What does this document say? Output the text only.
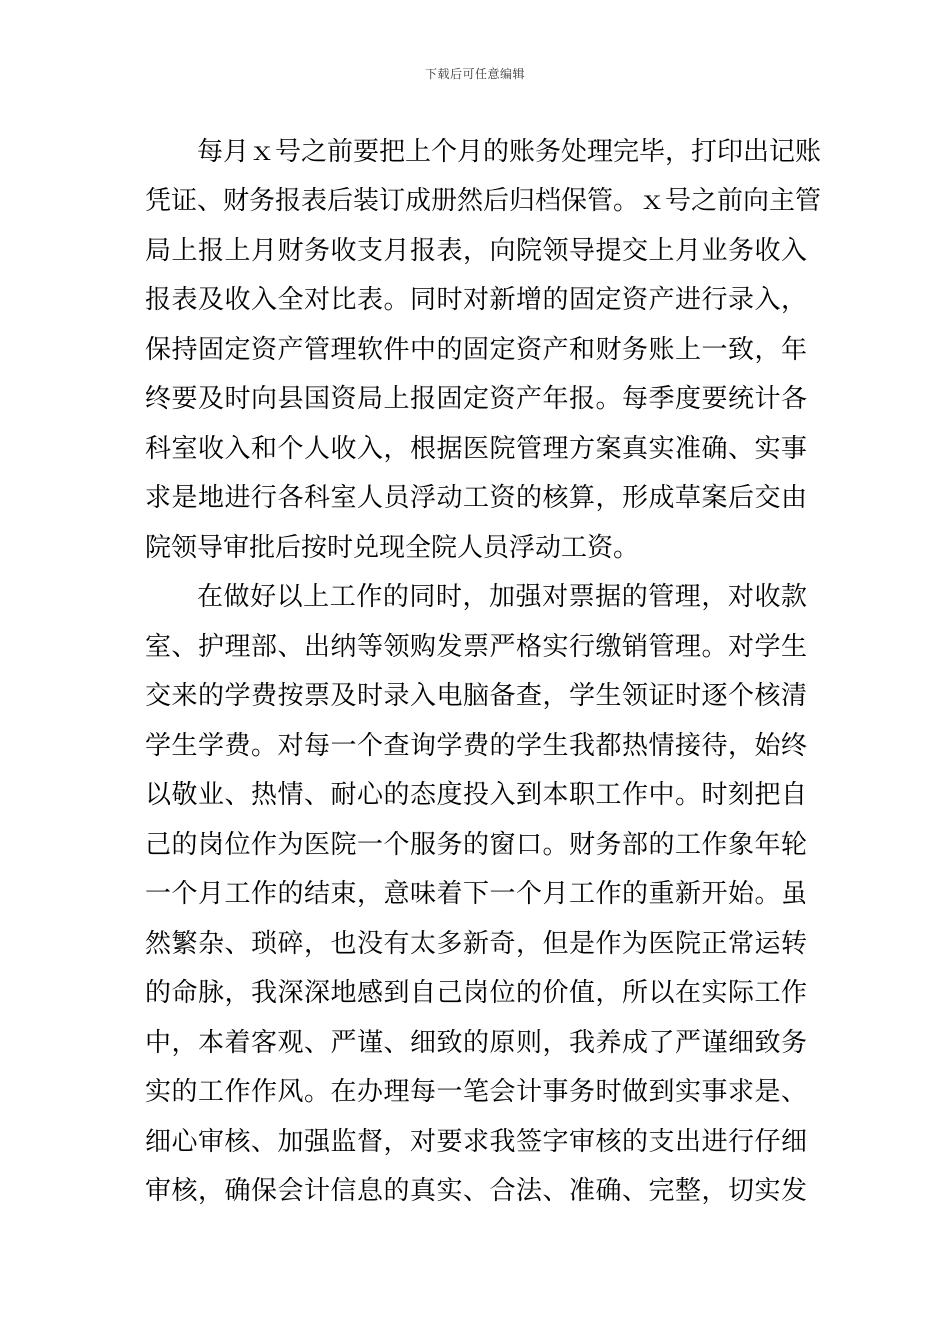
下载后可任意编辑
每月ｘ号之前要把上个月的账务处理完毕，打印出记账
凭证、财务报表后装订成册然后归档保管。ｘ号之前向主管
局上报上月财务收支月报表，向院领导提交上月业务收入
报表及收入全对比表。同时对新增的固定资产进行录入，
保持固定资产管理软件中的固定资产和财务账上一致，年
终要及时向县国资局上报固定资产年报。每季度要统计各
科室收入和个人收入，根据医院管理方案真实准确、实事
求是地进行各科室人员浮动工资的核算，形成草案后交由
院领导审批后按时兑现全院人员浮动工资。
在做好以上工作的同时，加强对票据的管理，对收款
室、护理部、出纳等领购发票严格实行缴销管理。对学生
交来的学费按票及时录入电脑备查，学生领证时逐个核清
学生学费。对每一个查询学费的学生我都热情接待，始终
以敬业、热情、耐心的态度投入到本职工作中。时刻把自
己的岗位作为医院一个服务的窗口。财务部的工作象年轮
一个月工作的结束，意味着下一个月工作的重新开始。虽
然繁杂、琐碎，也没有太多新奇，但是作为医院正常运转
的命脉，我深深地感到自己岗位的价值，所以在实际工作
中，本着客观、严谨、细致的原则，我养成了严谨细致务
实的工作作风。在办理每一笔会计事务时做到实事求是、
细心审核、加强监督，对要求我签字审核的支出进行仔细
审核，确保会计信息的真实、合法、准确、完整，切实发
